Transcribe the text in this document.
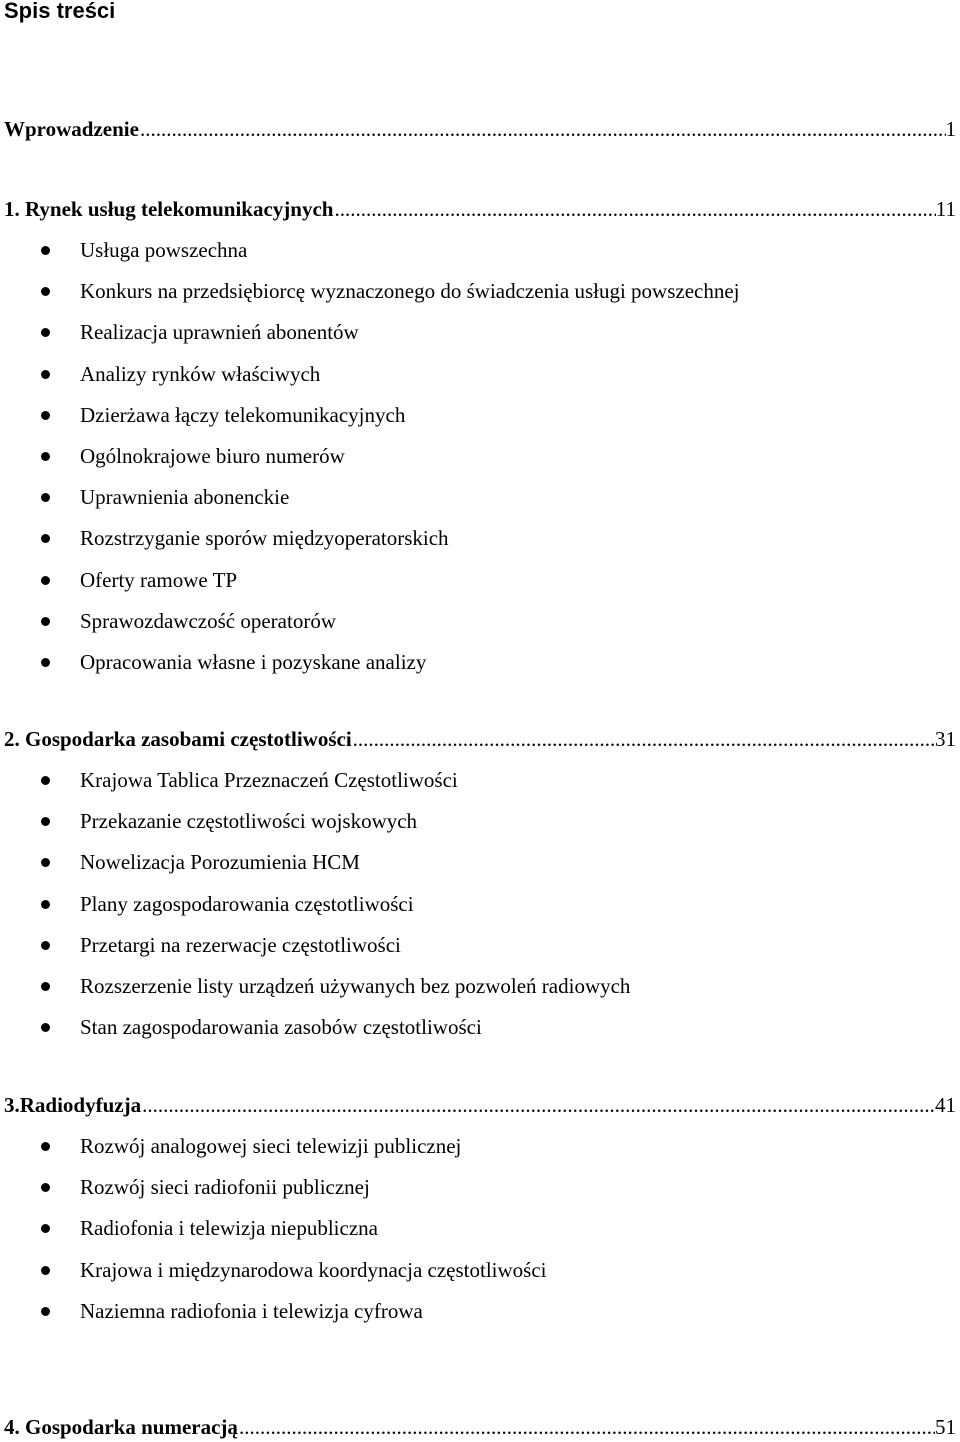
Spis treści
Wprowadzenie .....	1
1. Rynek usług telekomunikacyjnych .....	11
Usługa powszechna
Konkurs na przedsiębiorcę wyznaczonego do świadczenia usługi powszechnej
Realizacja uprawnień abonentów
Analizy rynków właściwych
Dzierżawa łączy telekomunikacyjnych
Ogólnokrajowe biuro numerów
Uprawnienia abonenckie
Rozstrzyganie sporów międzyoperatorskich
Oferty ramowe TP
Sprawozdawczość operatorów
Opracowania własne i pozyskane analizy
2. Gospodarka zasobami częstotliwości .....	31
Krajowa Tablica Przeznaczeń Częstotliwości
Przekazanie częstotliwości wojskowych
Nowelizacja Porozumienia HCM
Plany zagospodarowania częstotliwości
Przetargi na rezerwacje częstotliwości
Rozszerzenie listy urządzeń używanych bez pozwoleń radiowych
Stan zagospodarowania zasobów częstotliwości
3.Radiodyfuzja .....	41
Rozwój analogowej sieci telewizji publicznej
Rozwój sieci radiofonii publicznej
Radiofonia i telewizja niepubliczna
Krajowa i międzynarodowa koordynacja częstotliwości
Naziemna radiofonia i telewizja cyfrowa
4. Gospodarka numeracją .....	51
